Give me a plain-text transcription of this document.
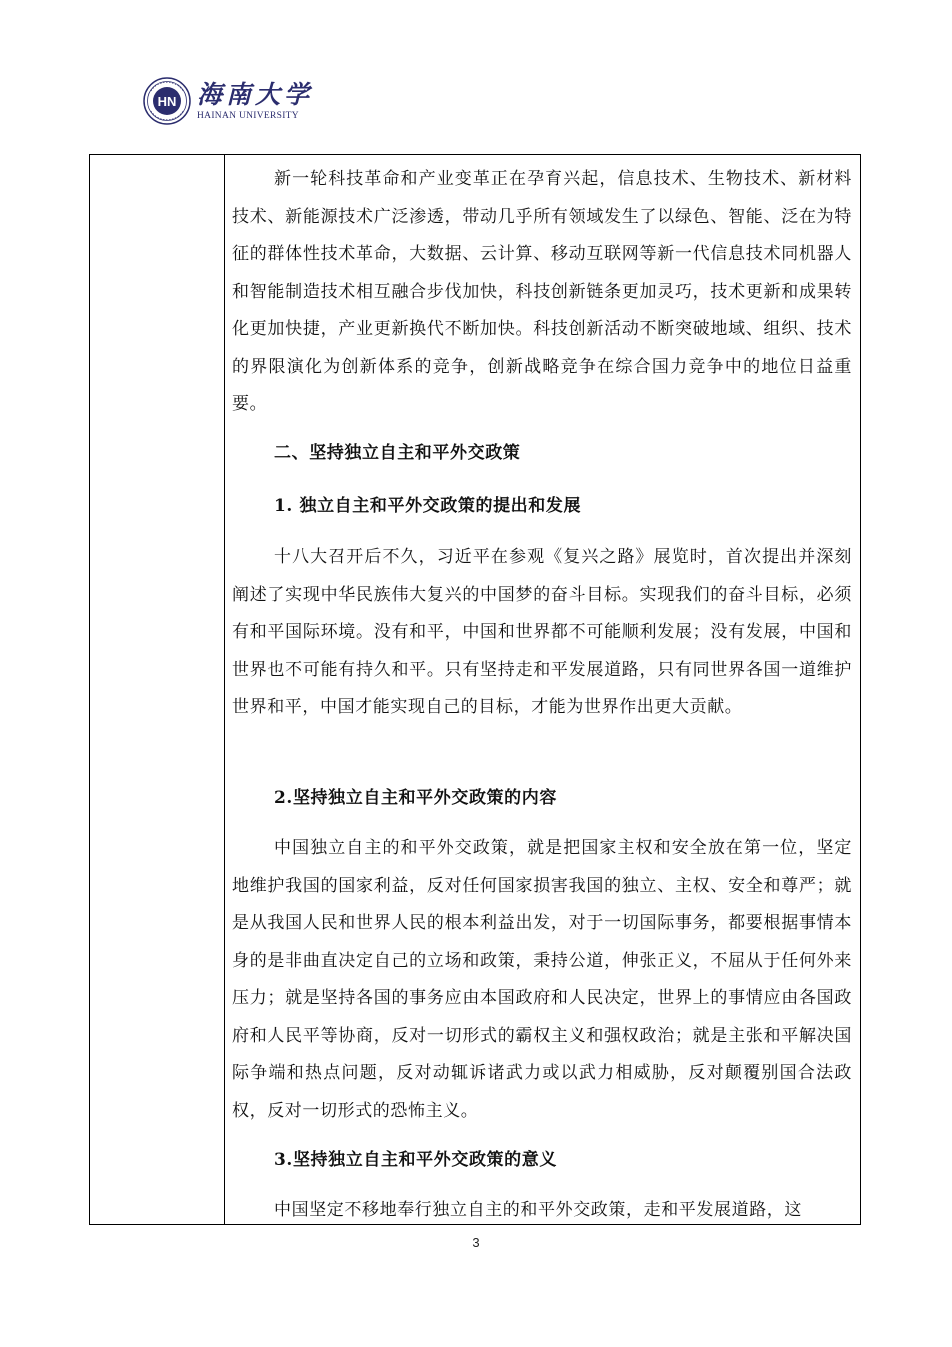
HN 海南大学
HAINAN UNIVERSITY

新一轮科技革命和产业变革正在孕育兴起，信息技术、生物技术、新材料技术、新能源技术广泛渗透，带动几乎所有领域发生了以绿色、智能、泛在为特征的群体性技术革命，大数据、云计算、移动互联网等新一代信息技术同机器人和智能制造技术相互融合步伐加快，科技创新链条更加灵巧，技术更新和成果转化更加快捷，产业更新换代不断加快。科技创新活动不断突破地域、组织、技术的界限演化为创新体系的竞争，创新战略竞争在综合国力竞争中的地位日益重要。

二、坚持独立自主和平外交政策

1. 独立自主和平外交政策的提出和发展

十八大召开后不久，习近平在参观《复兴之路》展览时，首次提出并深刻阐述了实现中华民族伟大复兴的中国梦的奋斗目标。实现我们的奋斗目标，必须有和平国际环境。没有和平，中国和世界都不可能顺利发展；没有发展，中国和世界也不可能有持久和平。只有坚持走和平发展道路，只有同世界各国一道维护世界和平，中国才能实现自己的目标，才能为世界作出更大贡献。

2.坚持独立自主和平外交政策的内容

中国独立自主的和平外交政策，就是把国家主权和安全放在第一位，坚定地维护我国的国家利益，反对任何国家损害我国的独立、主权、安全和尊严；就是从我国人民和世界人民的根本利益出发，对于一切国际事务，都要根据事情本身的是非曲直决定自己的立场和政策，秉持公道，伸张正义，不屈从于任何外来压力；就是坚持各国的事务应由本国政府和人民决定，世界上的事情应由各国政府和人民平等协商，反对一切形式的霸权主义和强权政治；就是主张和平解决国际争端和热点问题，反对动辄诉诸武力或以武力相威胁，反对颠覆别国合法政权，反对一切形式的恐怖主义。

3.坚持独立自主和平外交政策的意义

中国坚定不移地奉行独立自主的和平外交政策，走和平发展道路，这

3
